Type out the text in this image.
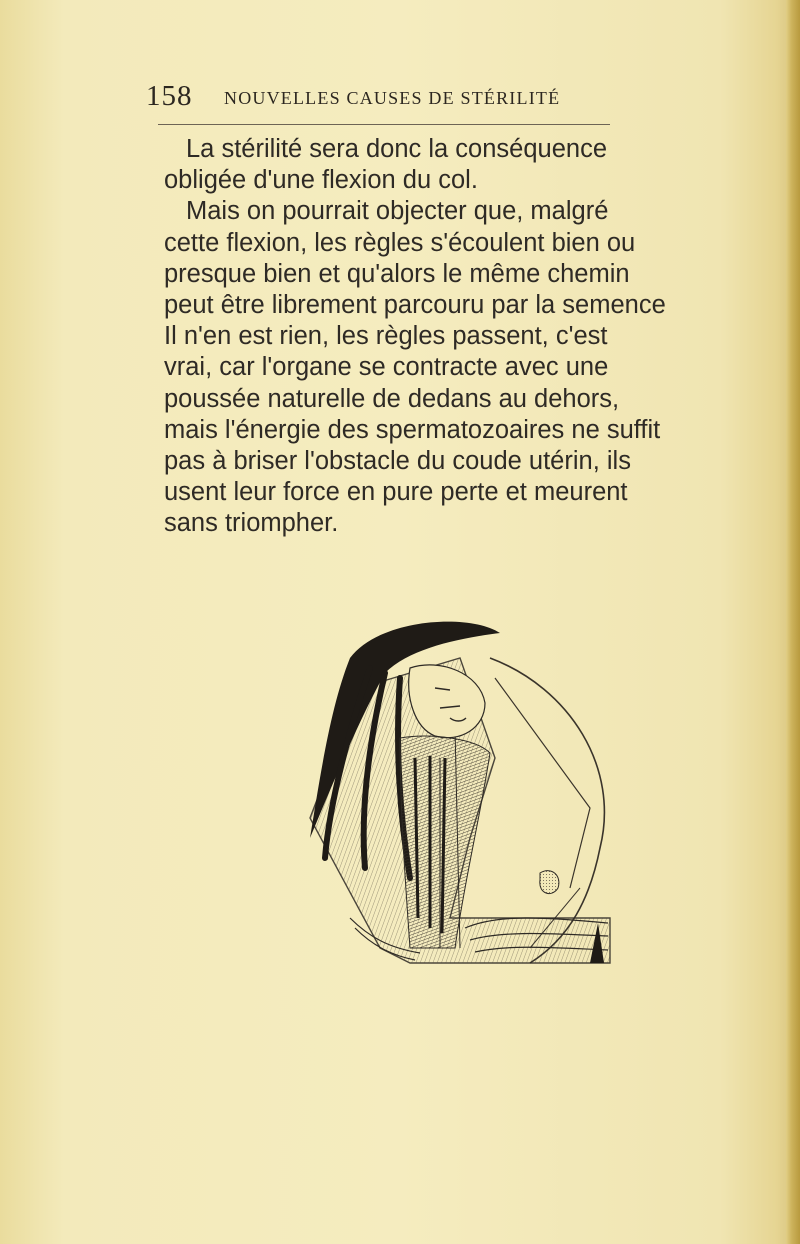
158 NOUVELLES CAUSES DE STÉRILITÉ
La stérilité sera donc la conséquence
obligée d'une flexion du col.
Mais on pourrait objecter que, malgré
cette flexion, les règles s'écoulent bien ou
presque bien et qu'alors le même chemin
peut être librement parcouru par la semence
Il n'en est rien, les règles passent, c'est
vrai, car l'organe se contracte avec une
poussée naturelle de dedans au dehors,
mais l'énergie des spermatozoaires ne suffit
pas à briser l'obstacle du coude utérin, ils
usent leur force en pure perte et meurent
sans triompher.
